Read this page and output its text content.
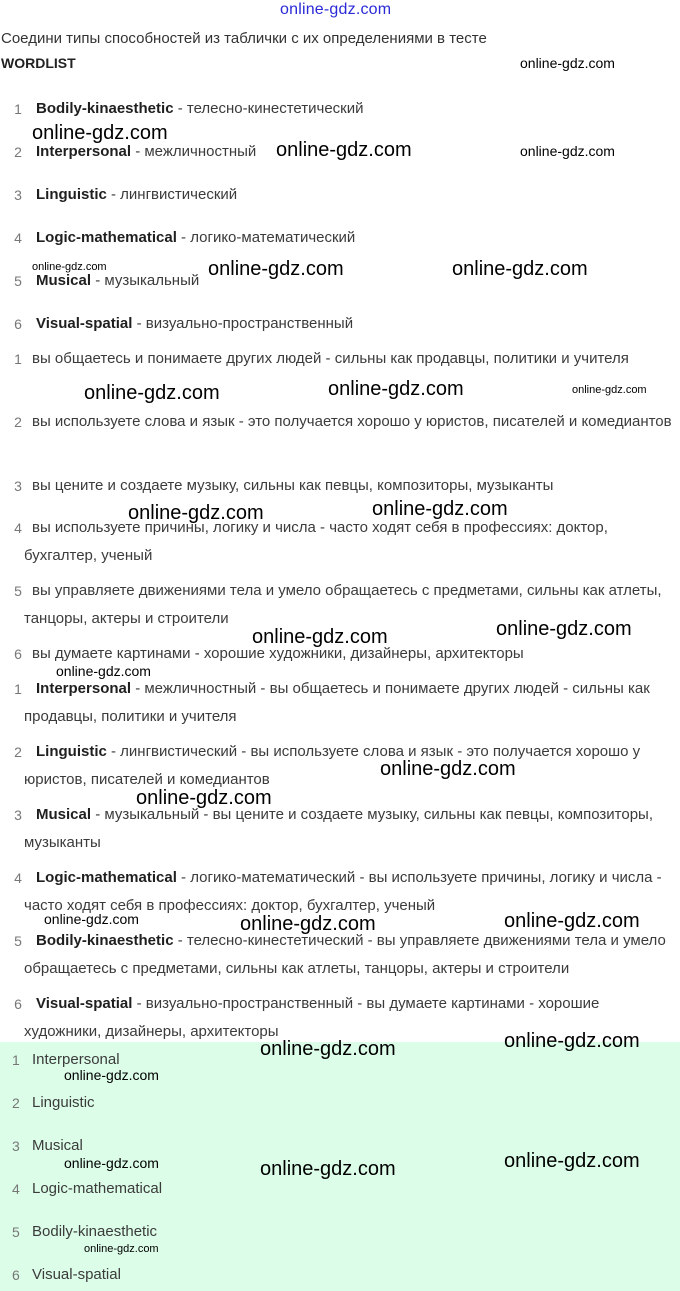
online-gdz.com
Соедини типы способностей из таблички с их определениями в тесте
WORDLIST
1 Bodily-kinaesthetic - телесно-кинестетический
2 Interpersonal - межличностный
3 Linguistic - лингвистический
4 Logic-mathematical - логико-математический
5 Musical - музыкальный
6 Visual-spatial - визуально-пространственный
1 вы общаетесь и понимаете других людей - сильны как продавцы, политики и учителя
2 вы используете слова и язык - это получается хорошо у юристов, писателей и комедиантов
3 вы цените и создаете музыку, сильны как певцы, композиторы, музыканты
4 вы используете причины, логику и числа - часто ходят себя в профессиях: доктор, бухгалтер, ученый
5 вы управляете движениями тела и умело обращаетесь с предметами, сильны как атлеты, танцоры, актеры и строители
6 вы думаете картинами - хорошие художники, дизайнеры, архитекторы
1 Interpersonal - межличностный - вы общаетесь и понимаете других людей - сильны как продавцы, политики и учителя
2 Linguistic - лингвистический - вы используете слова и язык - это получается хорошо у юристов, писателей и комедиантов
3 Musical - музыкальный - вы цените и создаете музыку, сильны как певцы, композиторы, музыканты
4 Logic-mathematical - логико-математический - вы используете причины, логику и числа - часто ходят себя в профессиях: доктор, бухгалтер, ученый
5 Bodily-kinaesthetic - телесно-кинестетический - вы управляете движениями тела и умело обращаетесь с предметами, сильны как атлеты, танцоры, актеры и строители
6 Visual-spatial - визуально-пространственный - вы думаете картинами - хорошие художники, дизайнеры, архитекторы
1 Interpersonal
2 Linguistic
3 Musical
4 Logic-mathematical
5 Bodily-kinaesthetic
6 Visual-spatial
online-gdz.com
online-gdz.com
online-gdz.com	online-gdz.com
online-gdz.com	online-gdz.com	online-gdz.com
online-gdz.com	online-gdz.com	online-gdz.com
online-gdz.com	online-gdz.com
online-gdz.com	online-gdz.com
online-gdz.com
online-gdz.com
online-gdz.com
online-gdz.com	online-gdz.com	online-gdz.com
online-gdz.com	online-gdz.com
online-gdz.com
online-gdz.com	online-gdz.com	online-gdz.com
online-gdz.com
